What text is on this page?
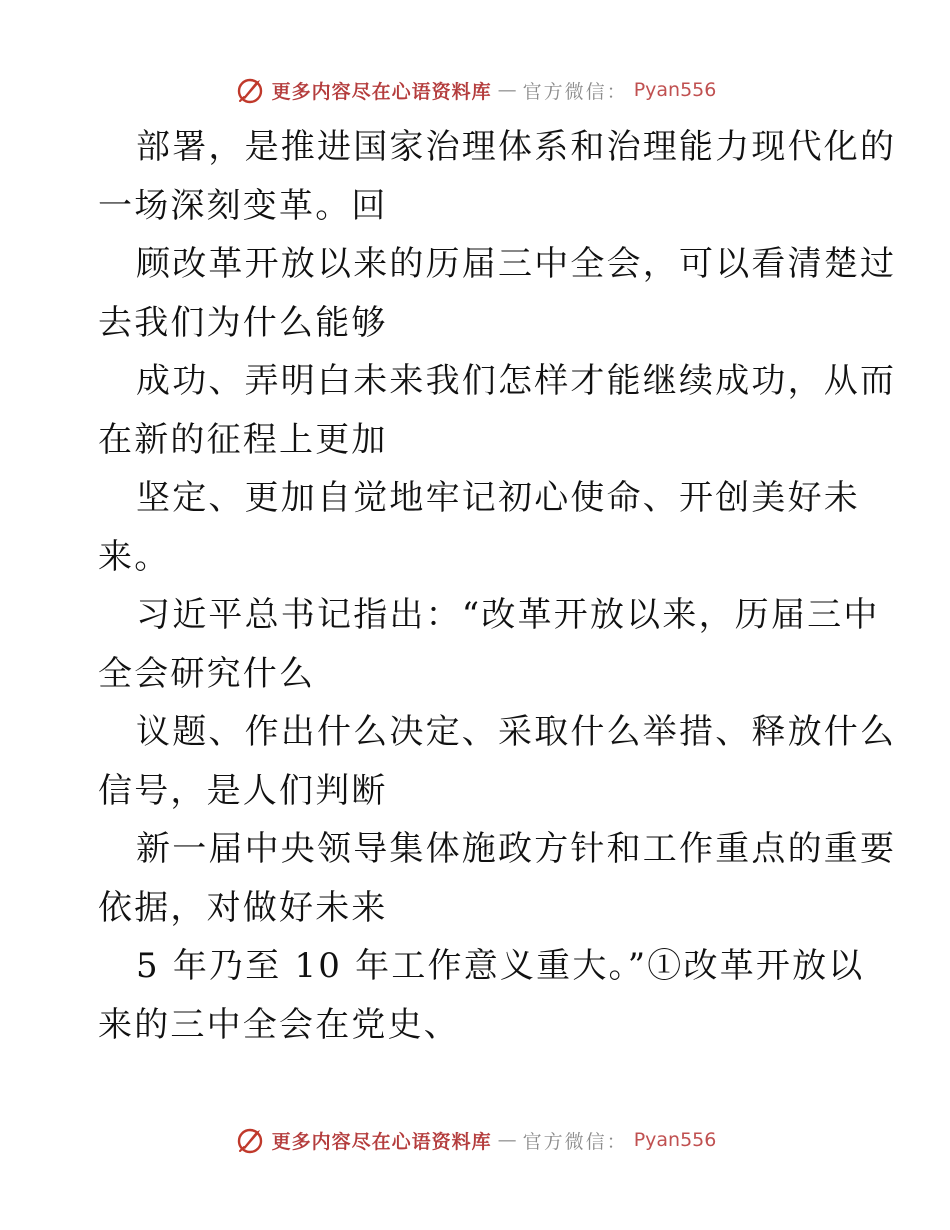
更多内容尽在心语资料库 — 官方微信： Pyan556
部署，是推进国家治理体系和治理能力现代化的
一场深刻变革。回
顾改革开放以来的历届三中全会，可以看清楚过
去我们为什么能够
成功、弄明白未来我们怎样才能继续成功，从而
在新的征程上更加
坚定、更加自觉地牢记初心使命、开创美好未
来。
习近平总书记指出：“改革开放以来，历届三中
全会研究什么
议题、作出什么决定、采取什么举措、释放什么
信号，是人们判断
新一届中央领导集体施政方针和工作重点的重要
依据，对做好未来
5 年乃至 10 年工作意义重大。”①改革开放以
来的三中全会在党史、
更多内容尽在心语资料库 — 官方微信： Pyan556
